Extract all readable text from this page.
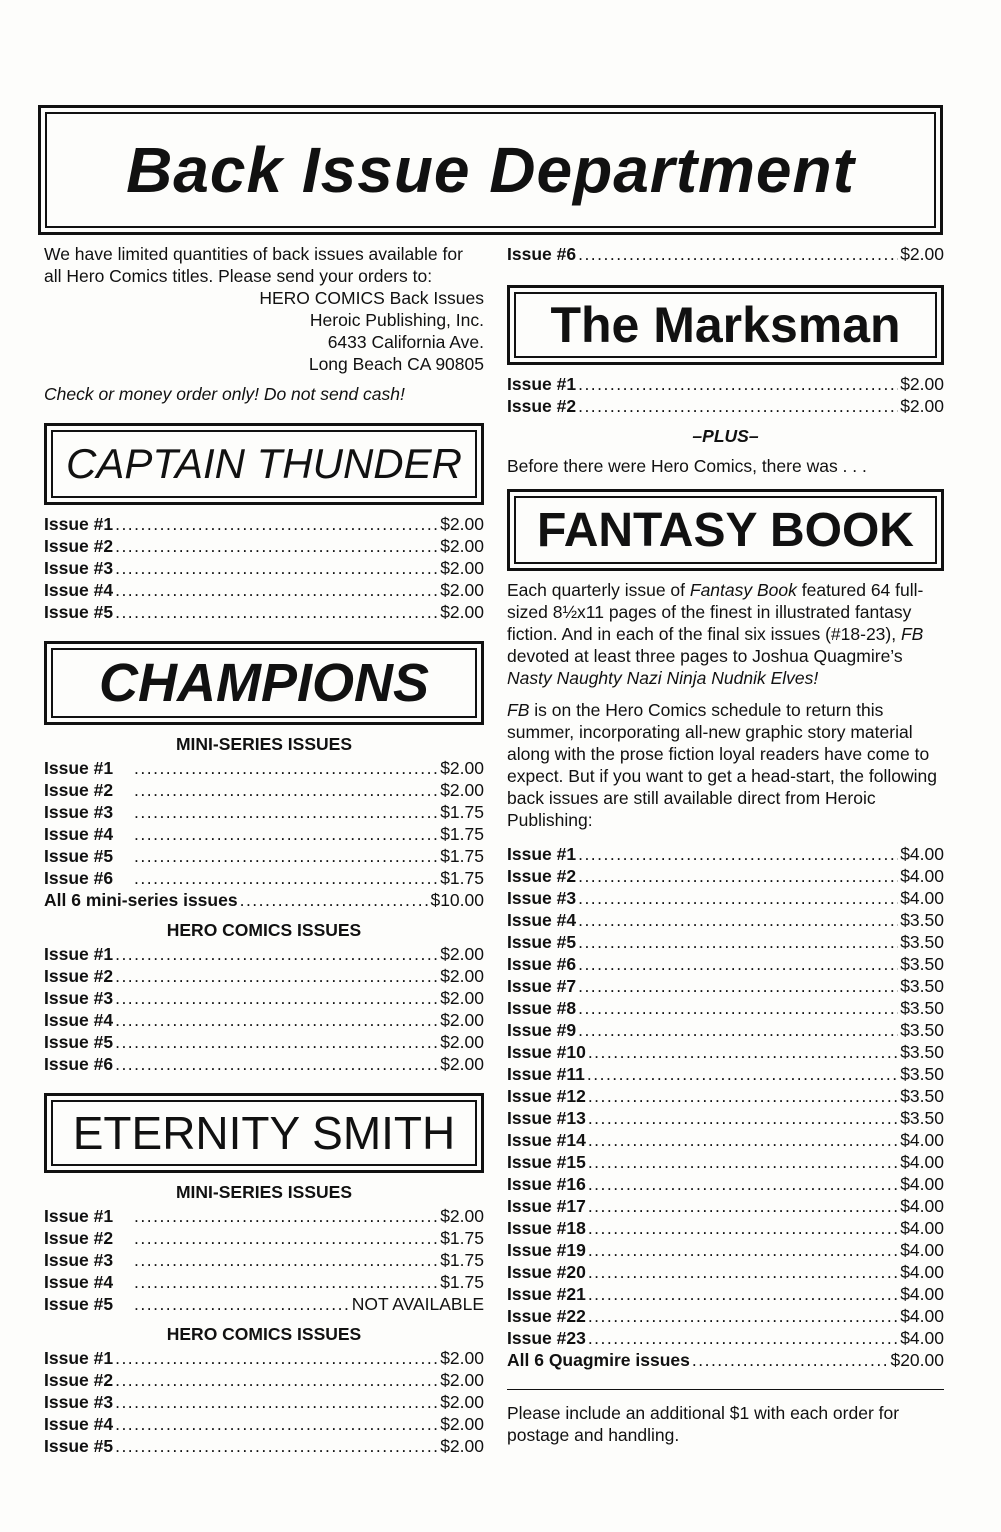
Back Issue Department

We have limited quantities of back issues available for all Hero Comics titles. Please send your orders to:

HERO COMICS Back Issues
Heroic Publishing, Inc.
6433 California Ave.
Long Beach CA 90805
Check or money order only! Do not send cash!
CAPTAIN THUNDER
Issue #1 .....	$2.00
Issue #2 .....	$2.00
Issue #3 .....	$2.00
Issue #4 .....	$2.00
Issue #5 .....	$2.00
CHAMPIONS
MINI-SERIES ISSUES
Issue #1 .....	$2.00
Issue #2 .....	$2.00
Issue #3 .....	$1.75
Issue #4 .....	$1.75
Issue #5 .....	$1.75
Issue #6 .....	$1.75
All 6 mini-series issues .....	$10.00
HERO COMICS ISSUES
Issue #1 .....	$2.00
Issue #2 .....	$2.00
Issue #3 .....	$2.00
Issue #4 .....	$2.00
Issue #5 .....	$2.00
Issue #6 .....	$2.00
ETERNITY SMITH
MINI-SERIES ISSUES
Issue #1 .....	$2.00
Issue #2 .....	$1.75
Issue #3 .....	$1.75
Issue #4 .....	$1.75
Issue #5 .....	NOT AVAILABLE
HERO COMICS ISSUES
Issue #1 .....	$2.00
Issue #2 .....	$2.00
Issue #3 .....	$2.00
Issue #4 .....	$2.00
Issue #5 .....	$2.00
Issue #6 .....	$2.00
The Marksman
Issue #1 .....	$2.00
Issue #2 .....	$2.00
–PLUS–
Before there were Hero Comics, there was . . .
FANTASY BOOK

Each quarterly issue of Fantasy Book featured 64 full-sized 8½x11 pages of the finest in illustrated fantasy fiction. And in each of the final six issues (#18-23), FB devoted at least three pages to Joshua Quagmire’s Nasty Naughty Nazi Ninja Nudnik Elves!

FB is on the Hero Comics schedule to return this summer, incorporating all-new graphic story material along with the prose fiction loyal readers have come to expect. But if you want to get a head-start, the following back issues are still available direct from Heroic Publishing:

Issue #1 .....	$4.00
Issue #2 .....	$4.00
Issue #3 .....	$4.00
Issue #4 .....	$3.50
Issue #5 .....	$3.50
Issue #6 .....	$3.50
Issue #7 .....	$3.50
Issue #8 .....	$3.50
Issue #9 .....	$3.50
Issue #10 .....	$3.50
Issue #11 .....	$3.50
Issue #12 .....	$3.50
Issue #13 .....	$3.50
Issue #14 .....	$4.00
Issue #15 .....	$4.00
Issue #16 .....	$4.00
Issue #17 .....	$4.00
Issue #18 .....	$4.00
Issue #19 .....	$4.00
Issue #20 .....	$4.00
Issue #21 .....	$4.00
Issue #22 .....	$4.00
Issue #23 .....	$4.00
All 6 Quagmire issues .....	$20.00

Please include an additional $1 with each order for postage and handling.
